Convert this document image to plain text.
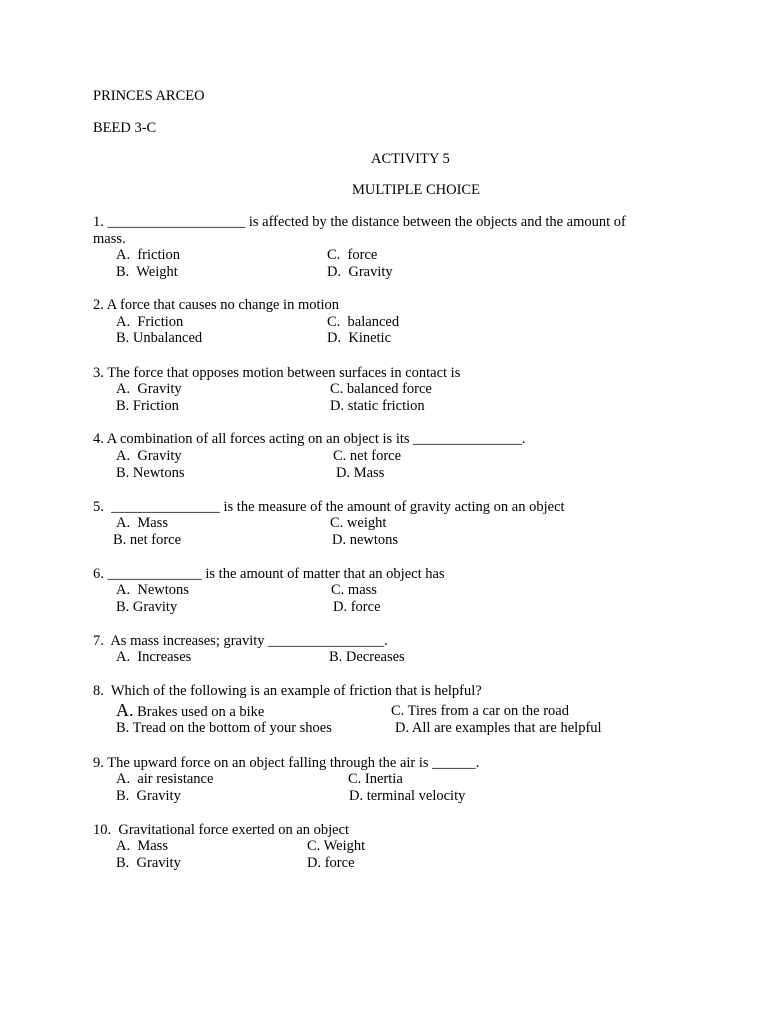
PRINCES ARCEO
BEED 3-C
ACTIVITY 5
MULTIPLE CHOICE
1. ___________________ is affected by the distance between the objects and the amount of
mass.
A.  friction	C.  force
B.  Weight	D.  Gravity
2. A force that causes no change in motion
A.  Friction	C.  balanced
B. Unbalanced	D.  Kinetic
3. The force that opposes motion between surfaces in contact is
A.  Gravity	C. balanced force
B. Friction	D. static friction
4. A combination of all forces acting on an object is its _______________.
A.  Gravity	C. net force
B. Newtons	D. Mass
5.  _______________ is the measure of the amount of gravity acting on an object
A.  Mass	C. weight
B. net force	D. newtons
6. _____________ is the amount of matter that an object has
A.  Newtons	C. mass
B. Gravity	D. force
7.  As mass increases; gravity ________________.
A.  Increases	B. Decreases
8.  Which of the following is an example of friction that is helpful?
A. Brakes used on a bike	C. Tires from a car on the road
B. Tread on the bottom of your shoes	D. All are examples that are helpful
9. The upward force on an object falling through the air is ______.
A.  air resistance	C. Inertia
B.  Gravity	D. terminal velocity
10.  Gravitational force exerted on an object
A.  Mass	C. Weight
B.  Gravity	D. force
